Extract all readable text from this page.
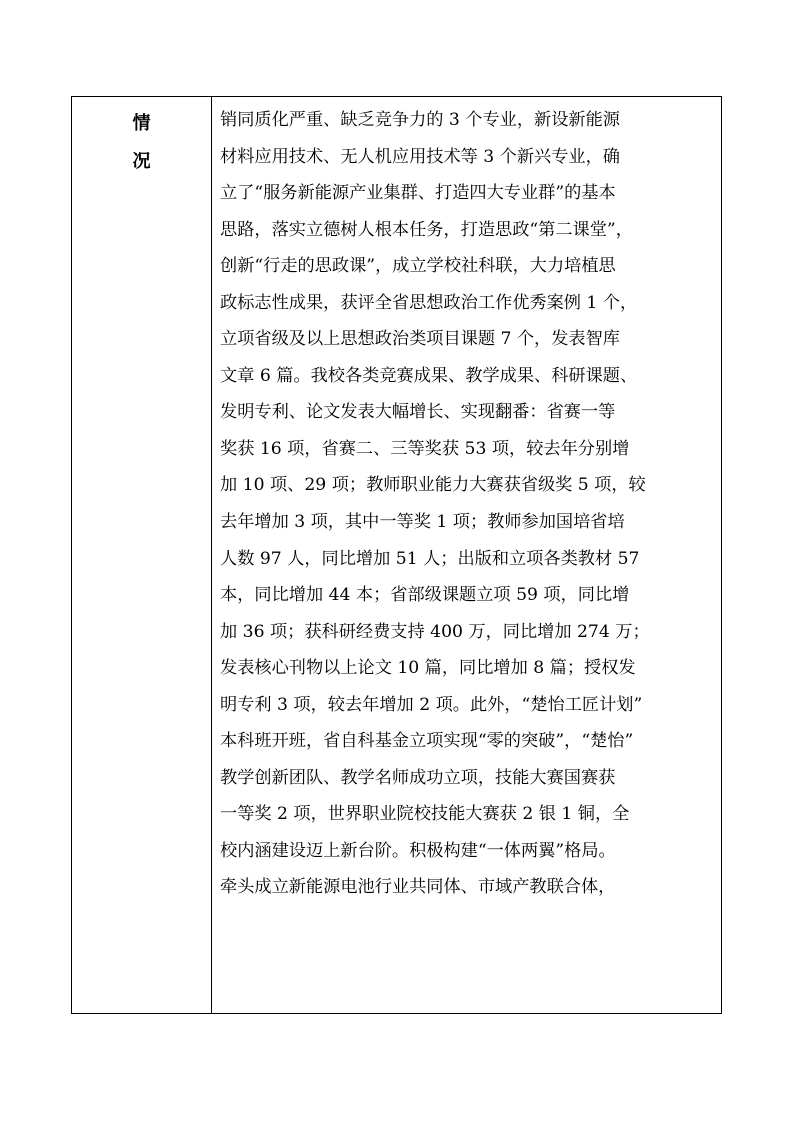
情
况
销同质化严重、缺乏竞争力的 3 个专业，新设新能源
材料应用技术、无人机应用技术等 3 个新兴专业，确
立了“服务新能源产业集群、打造四大专业群”的基本
思路，落实立德树人根本任务，打造思政“第二课堂”，
创新“行走的思政课”，成立学校社科联，大力培植思
政标志性成果，获评全省思想政治工作优秀案例 1 个，
立项省级及以上思想政治类项目课题 7 个，发表智库
文章 6 篇。我校各类竞赛成果、教学成果、科研课题、
发明专利、论文发表大幅增长、实现翻番：省赛一等
奖获 16 项，省赛二、三等奖获 53 项，较去年分别增
加 10 项、29 项；教师职业能力大赛获省级奖 5 项，较
去年增加 3 项，其中一等奖 1 项；教师参加国培省培
人数 97 人，同比增加 51 人；出版和立项各类教材 57
本，同比增加 44 本；省部级课题立项 59 项，同比增
加 36 项；获科研经费支持 400 万，同比增加 274 万；
发表核心刊物以上论文 10 篇，同比增加 8 篇；授权发
明专利 3 项，较去年增加 2 项。此外，“楚怡工匠计划”
本科班开班，省自科基金立项实现“零的突破”，“楚怡”
教学创新团队、教学名师成功立项，技能大赛国赛获
一等奖 2 项，世界职业院校技能大赛获 2 银 1 铜，全
校内涵建设迈上新台阶。积极构建“一体两翼”格局。
牵头成立新能源电池行业共同体、市域产教联合体，
